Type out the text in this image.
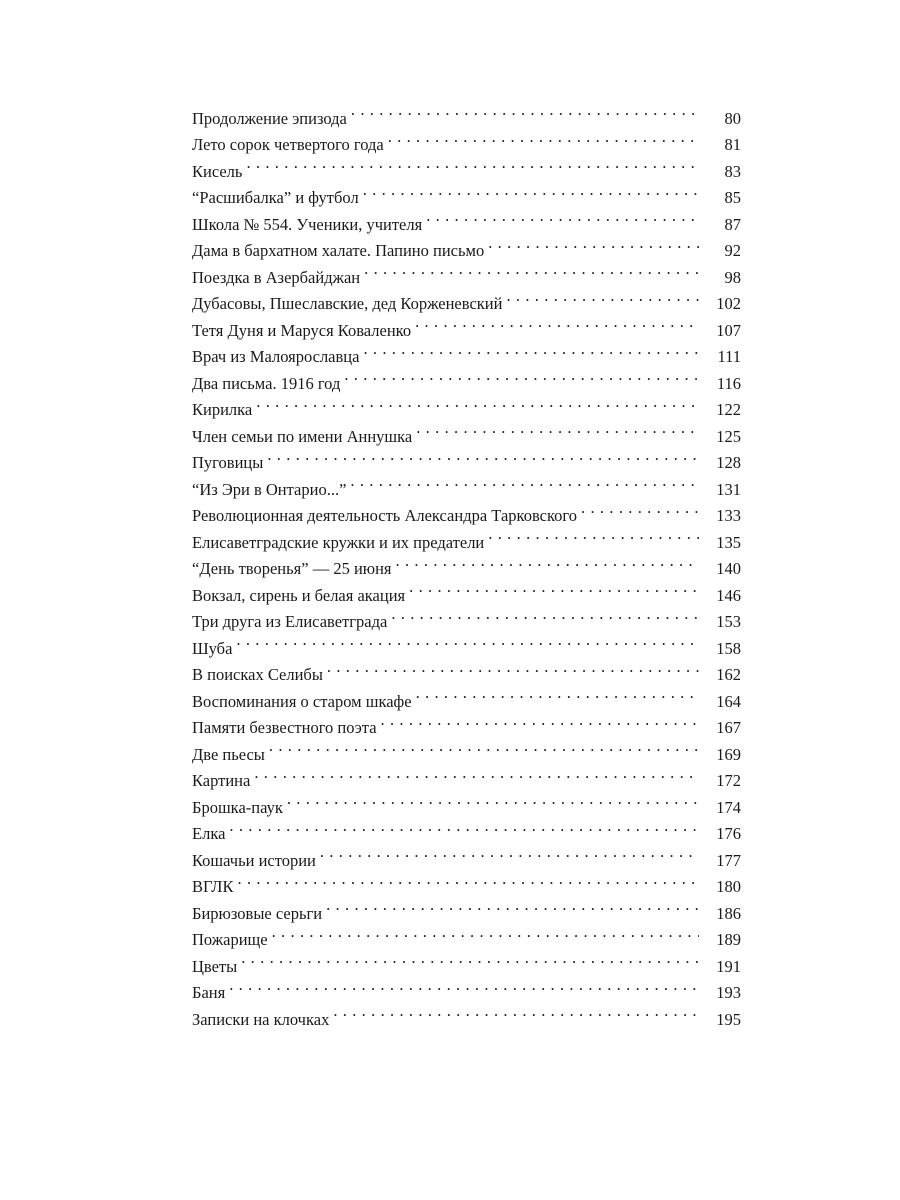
Продолжение эпизода . . .	80
Лето сорок четвертого года . . .	81
Кисель . . .	83
“Расшибалка” и футбол . . .	85
Школа № 554. Ученики, учителя . . .	87
Дама в бархатном халате. Папино письмо . . .	92
Поездка в Азербайджан . . .	98
Дубасовы, Пшеславские, дед Корженевский . . .	102
Тетя Дуня и Маруся Коваленко . . .	107
Врач из Малоярославца . . .	111
Два письма. 1916 год . . .	116
Кирилка . . .	122
Член семьи по имени Аннушка . . .	125
Пуговицы . . .	128
“Из Эри в Онтарио...” . . .	131
Революционная деятельность Александра Тарковского . . .	133
Елисаветградские кружки и их предатели . . .	135
“День творенья” — 25 июня . . .	140
Вокзал, сирень и белая акация . . .	146
Три друга из Елисаветграда . . .	153
Шуба . . .	158
В поисках Селибы . . .	162
Воспоминания о старом шкафе . . .	164
Памяти безвестного поэта . . .	167
Две пьесы . . .	169
Картина . . .	172
Брошка-паук . . .	174
Елка . . .	176
Кошачьи истории . . .	177
ВГЛК . . .	180
Бирюзовые серьги . . .	186
Пожарище . . .	189
Цветы . . .	191
Баня . . .	193
Записки на клочках . . .	195
